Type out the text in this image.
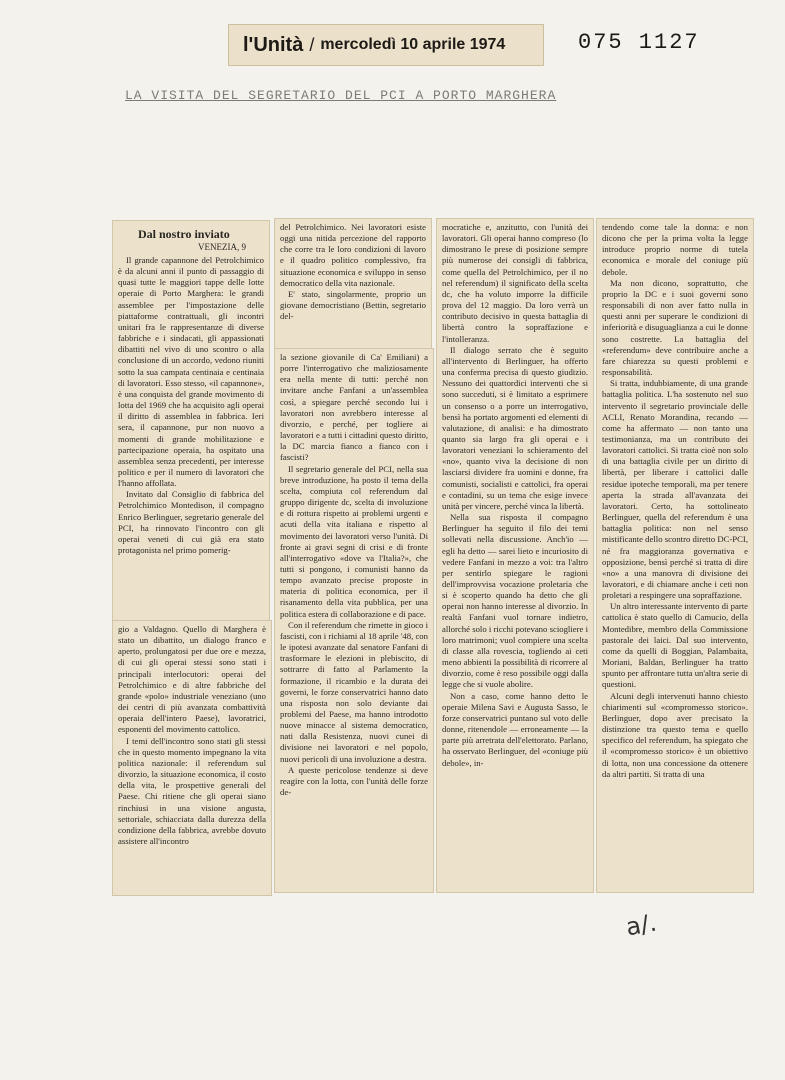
l'Unità / mercoledì 10 aprile 1974	075 1127
LA VISITA DEL SEGRETARIO DEL PCI A PORTO MARGHERA
Dal nostro inviato
VENEZIA, 9

Il grande capannone del Petrolchimico è da alcuni anni il punto di passaggio di quasi tutte le maggiori tappe delle lotte operaie di Porto Marghera: le grandi assemblee per l'impostazione delle piattaforme contrattuali, gli incontri unitari fra le rappresentanze di diverse fabbriche e i sindacati, gli appassionati dibattiti nel vivo di uno scontro o alla conclusione di un accordo, vedono riuniti sotto la sua campata centinaia e centinaia di lavoratori. Esso stesso, «il capannone», è una conquista del grande movimento di lotta del 1969 che ha acquisito agli operai il diritto di assemblea in fabbrica. Ieri sera, il capannone, pur non nuovo a momenti di grande mobilitazione e partecipazione operaia, ha ospitato una assemblea senza precedenti, per interesse politico e per il numero di lavoratori che l'hanno affollata.

Invitato dal Consiglio di fabbrica del Petrolchimico Montedison, il compagno Enrico Berlinguer, segretario generale del PCI, ha rinnovato l'incontro con gli operai veneti di cui già era stato protagonista nel primo pomerig-

gio a Valdagno. Quello di Marghera è stato un dibattito, un dialogo franco e aperto, prolungatosi per due ore e mezza, di cui gli operai stessi sono stati i principali interlocutori: operai del Petrolchimico e di altre fabbriche del grande «polo» industriale veneziano (uno dei centri di più avanzata combattività operaia dell'intero Paese), lavoratrici, esponenti del movimento cattolico.

I temi dell'incontro sono stati gli stessi che in questo momento impegnano la vita politica nazionale: il referendum sul divorzio, la situazione economica, il costo della vita, le prospettive generali del Paese. Chi ritiene che gli operai siano rinchiusi in una visione angusta, settoriale, schiacciata dalla durezza della condizione della fabbrica, avrebbe dovuto assistere all'incontro

del Petrolchimico. Nei lavoratori esiste oggi una nitida percezione del rapporto che corre tra le loro condizioni di lavoro e il quadro politico complessivo, fra situazione economica e sviluppo in senso democratico della vita nazionale.

E' stato, singolarmente, proprio un giovane democristiano (Bettin, segretario del-

la sezione giovanile di Ca' Emiliani) a porre l'interrogativo che maliziosamente era nella mente di tutti: perché non invitare anche Fanfani a un'assemblea così, a spiegare perché secondo lui i lavoratori non avrebbero interesse al divorzio, e perché, per togliere ai lavoratori e a tutti i cittadini questo diritto, la DC marcia fianco a fianco con i fascisti?

Il segretario generale del PCI, nella sua breve introduzione, ha posto il tema della scelta, compiuta col referendum dal gruppo dirigente dc, scelta di involuzione e di rottura rispetto ai problemi urgenti e acuti della vita italiana e rispetto al movimento dei lavoratori verso l'unità. Di fronte ai gravi segni di crisi e di fronte all'interrogativo «dove va l'Italia?», che tutti si pongono, i comunisti hanno da tempo avanzato precise proposte in materia di politica economica, per il risanamento della vita pubblica, per una politica estera di collaborazione e di pace.

Con il referendum che rimette in gioco i fascisti, con i richiami al 18 aprile '48, con le ipotesi avanzate dal senatore Fanfani di trasformare le elezioni in plebiscito, di sottrarre di fatto al Parlamento la formazione, il ricambio e la durata dei governi, le forze conservatrici hanno dato una risposta non solo deviante dai problemi del Paese, ma hanno introdotto nuove minacce al sistema democratico, nati dalla Resistenza, nuovi cunei di divisione nei lavoratori e nel popolo, nuovi pericoli di una involuzione a destra.

A queste pericolose tendenze si deve reagire con la lotta, con l'unità delle forze de-

mocratiche e, anzitutto, con l'unità dei lavoratori. Gli operai hanno compreso (lo dimostrano le prese di posizione sempre più numerose dei consigli di fabbrica, come quella del Petrolchimico, per il no nel referendum) il significato della scelta dc, che ha voluto imporre la difficile prova del 12 maggio. Da loro verrà un contributo decisivo in questa battaglia di libertà contro la sopraffazione e l'intolleranza.

Il dialogo serrato che è seguito all'intervento di Berlinguer, ha offerto una conferma precisa di questo giudizio. Nessuno dei quattordici interventi che si sono succeduti, si è limitato a esprimere un consenso o a porre un interrogativo, bensì ha portato argomenti ed elementi di valutazione, di analisi: e ha dimostrato quanto sia largo fra gli operai e i lavoratori veneziani lo schieramento del «no», quanto viva la decisione di non lasciarsi dividere fra uomini e donne, fra comunisti, socialisti e cattolici, fra operai e contadini, su un tema che esige invece unità per vincere, perché vinca la libertà.

Nella sua risposta il compagno Berlinguer ha seguito il filo dei temi sollevati nella discussione. Anch'io — egli ha detto — sarei lieto e incuriosito di vedere Fanfani in mezzo a voi: tra l'altro per sentirlo spiegare le ragioni dell'improvvisa vocazione proletaria che si è scoperto quando ha detto che gli operai non hanno interesse al divorzio. In realtà Fanfani vuol tornare indietro, allorché solo i ricchi potevano sciogliere i loro matrimoni; vuol compiere una scelta di classe alla rovescia, togliendo ai ceti meno abbienti la possibilità di ricorrere al divorzio, come è reso possibile oggi dalla legge che si vuole abolire.

Non a caso, come hanno detto le operaie Milena Savi e Augusta Sasso, le forze conservatrici puntano sul voto delle donne, ritenendole — erroneamente — la parte più arretrata dell'elettorato. Parlano, ha osservato Berlinguer, del «coniuge più debole», in-

tendendo come tale la donna: e non dicono che per la prima volta la legge introduce proprio norme di tutela economica e morale del coniuge più debole.

Ma non dicono, soprattutto, che proprio la DC e i suoi governi sono responsabili di non aver fatto nulla in questi anni per superare le condizioni di inferiorità e disuguaglianza a cui le donne sono costrette. La battaglia del «referendum» deve contribuire anche a fare chiarezza su questi problemi e responsabilità.

Si tratta, indubbiamente, di una grande battaglia politica. L'ha sostenuto nel suo intervento il segretario provinciale delle ACLI, Renato Morandina, recando — come ha affermato — non tanto una testimonianza, ma un contributo dei lavoratori cattolici. Si tratta cioè non solo di una battaglia civile per un diritto di libertà, per liberare i cattolici dalle residue ipoteche temporali, ma per tenere aperta la strada all'avanzata dei lavoratori. Certo, ha sottolineato Berlinguer, quella del referendum è una battaglia politica: non nel senso mistificante dello scontro diretto DC-PCI, né fra maggioranza governativa e opposizione, bensì perché si tratta di dire «no» a una manovra di divisione dei lavoratori, e di chiamare anche i ceti non proletari a respingere una sopraffazione.

Un altro interessante intervento di parte cattolica è stato quello di Camucio, della Montedibre, membro della Commissione pastorale dei laici. Dal suo intervento, come da quelli di Boggian, Palambaita, Moriani, Baldan, Berlinguer ha tratto spunto per affrontare tutta un'altra serie di questioni.

Alcuni degli intervenuti hanno chiesto chiarimenti sul «compromesso storico». Berlinguer, dopo aver precisato la distinzione tra questo tema e quello specifico del referendum, ha spiegato che il «compromesso storico» è un obiettivo di lotta, non una concessione da ottenere da altri partiti. Si tratta di una

a/.
